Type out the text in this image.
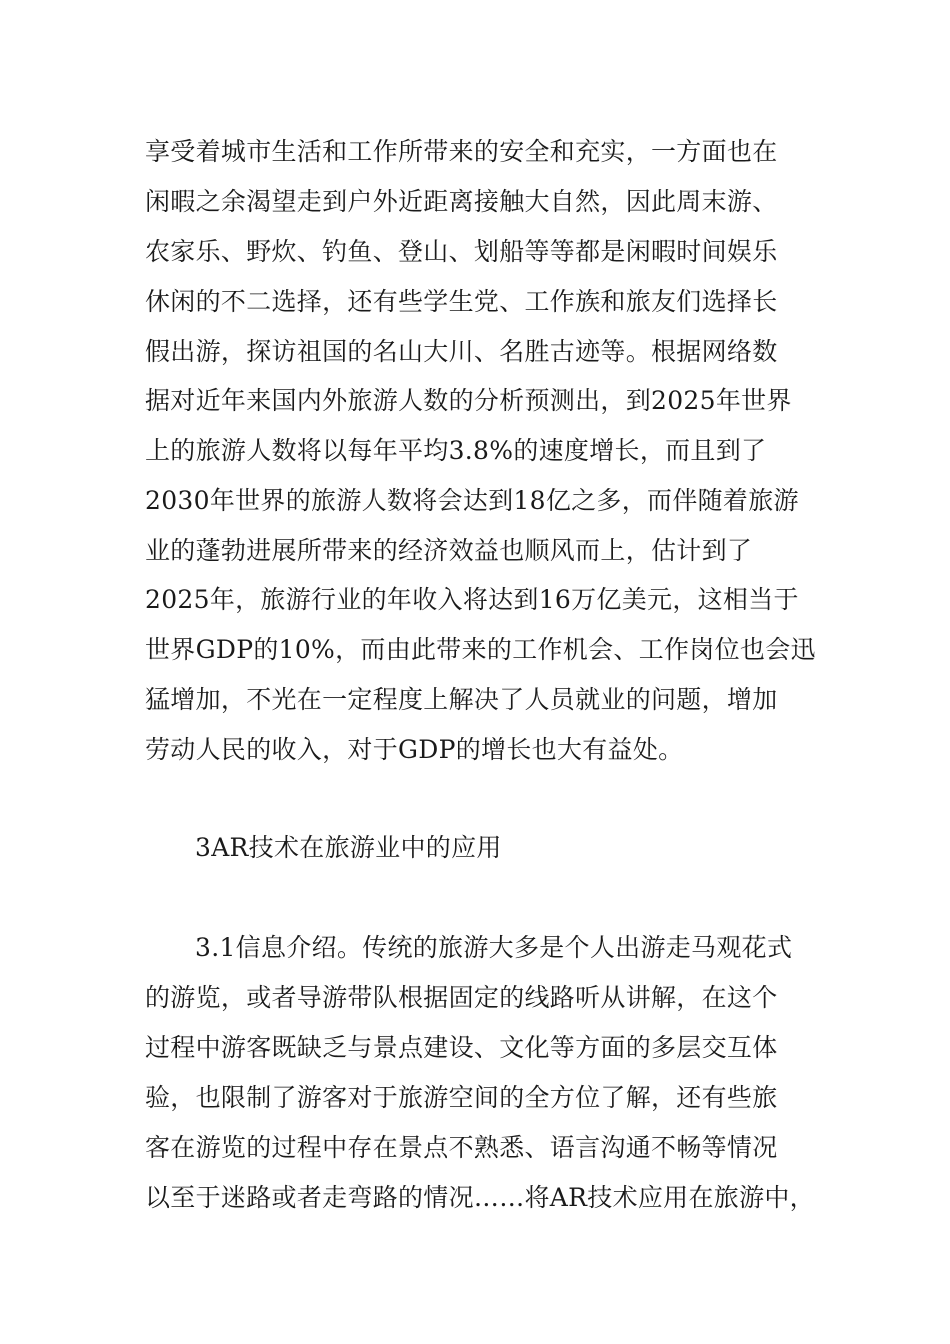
享受着城市生活和工作所带来的安全和充实，一方面也在
闲暇之余渴望走到户外近距离接触大自然，因此周末游、
农家乐、野炊、钓鱼、登山、划船等等都是闲暇时间娱乐
休闲的不二选择，还有些学生党、工作族和旅友们选择长
假出游，探访祖国的名山大川、名胜古迹等。根据网络数
据对近年来国内外旅游人数的分析预测出，到2025年世界
上的旅游人数将以每年平均3.8%的速度增长，而且到了
2030年世界的旅游人数将会达到18亿之多，而伴随着旅游
业的蓬勃进展所带来的经济效益也顺风而上，估计到了
2025年，旅游行业的年收入将达到16万亿美元，这相当于
世界GDP的10%，而由此带来的工作机会、工作岗位也会迅
猛增加，不光在一定程度上解决了人员就业的问题，增加
劳动人民的收入，对于GDP的增长也大有益处。
3AR技术在旅游业中的应用
3.1信息介绍。传统的旅游大多是个人出游走马观花式
的游览，或者导游带队根据固定的线路听从讲解，在这个
过程中游客既缺乏与景点建设、文化等方面的多层交互体
验，也限制了游客对于旅游空间的全方位了解，还有些旅
客在游览的过程中存在景点不熟悉、语言沟通不畅等情况
以至于迷路或者走弯路的情况……将AR技术应用在旅游中，
